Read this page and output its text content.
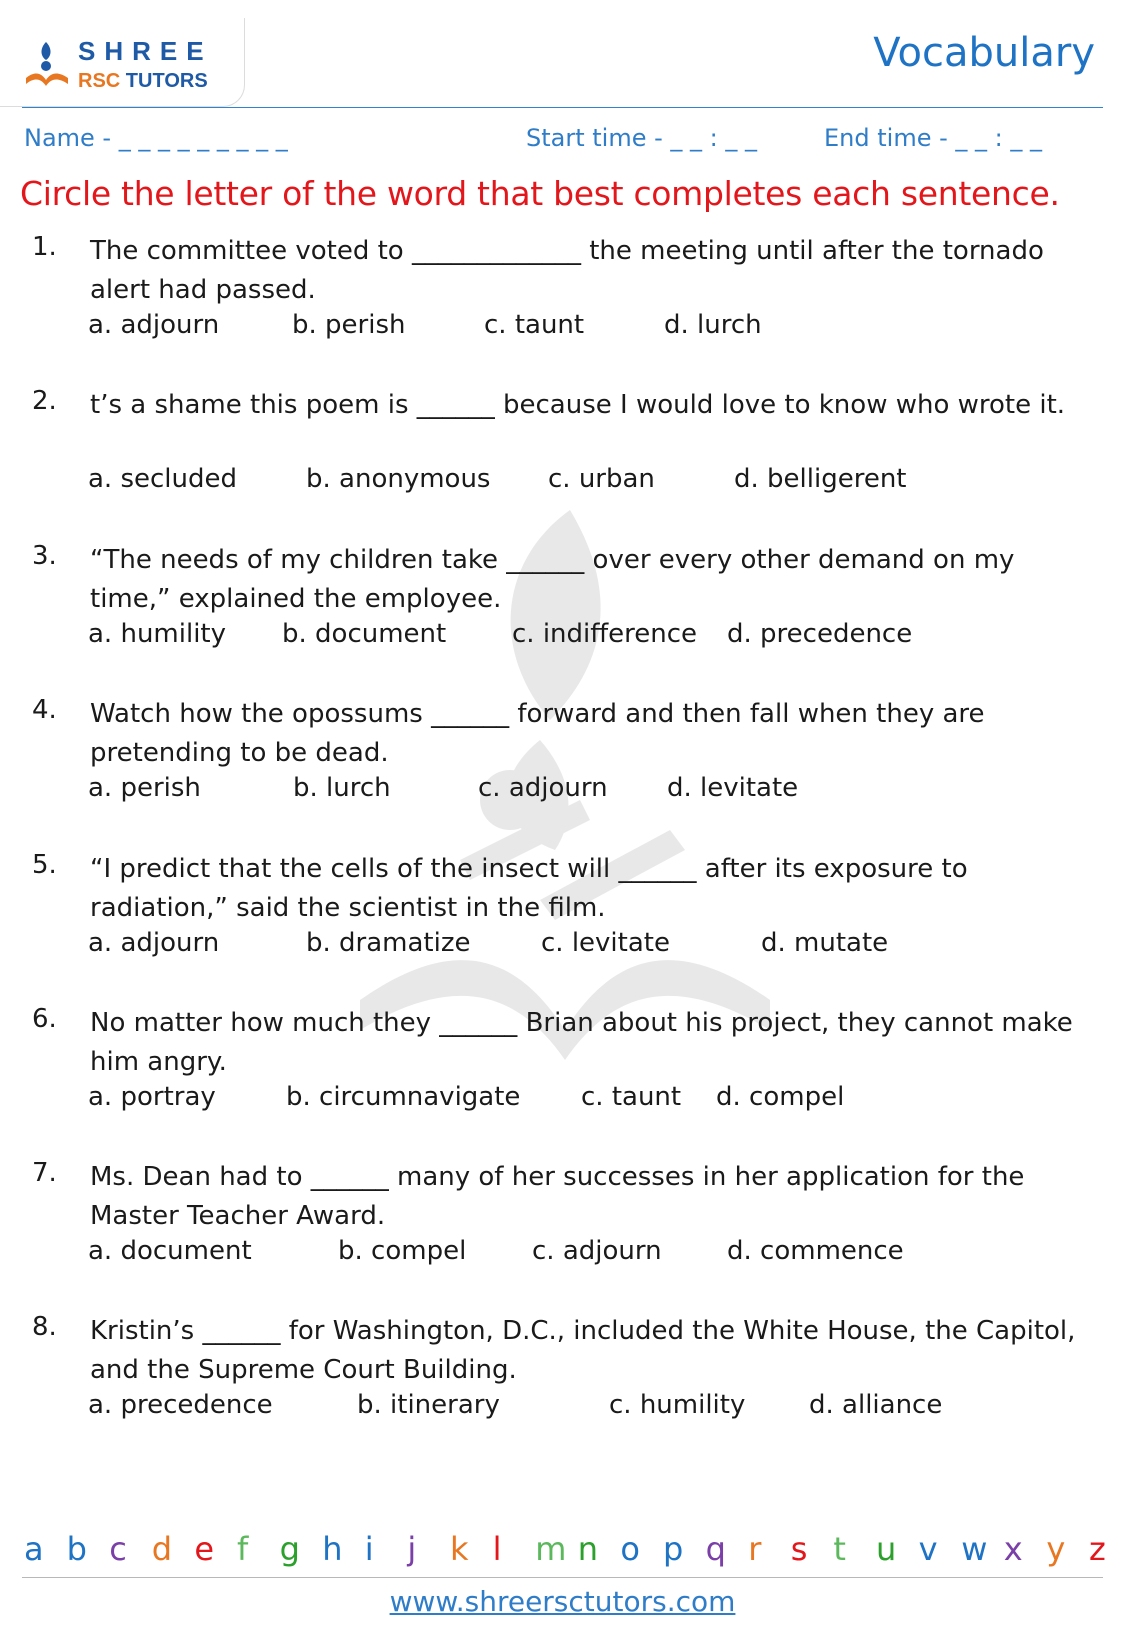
SHREE
RSC TUTORS
Vocabulary
Name - _ _ _ _ _ _ _ _ _	Start time - _ _ : _ _	End time - _ _ : _ _
Circle the letter of the word that best completes each sentence.
1. The committee voted to _____________ the meeting until after the tornado alert had passed.
a. adjourn	b. perish	c. taunt	d. lurch
2. t’s a shame this poem is ______ because I would love to know who wrote it.
a. secluded	b. anonymous c. urban	d. belligerent
3. “The needs of my children take ______ over every other demand on my time,” explained the employee.
a. humility b. document	c. indifference d. precedence
4. Watch how the opossums ______ forward and then fall when they are pretending to be dead.
a. perish	b. lurch	c. adjourn d. levitate
5. “I predict that the cells of the insect will ______ after its exposure to radiation,” said the scientist in the film.
a. adjourn	b. dramatize	c. levitate	d. mutate
6. No matter how much they ______ Brian about his project, they cannot make him angry.
a. portray	b. circumnavigate c. taunt d. compel
7. Ms. Dean had to ______ many of her successes in her application for the Master Teacher Award.
a. document	b. compel	c. adjourn	d. commence
8. Kristin’s ______ for Washington, D.C., included the White House, the Capitol, and the Supreme Court Building.
a. precedence	b. itinerary	c. humility d. alliance
a b c d e f g h i j k l m n o p q r s t u v w x y z
www.shreersctutors.com
